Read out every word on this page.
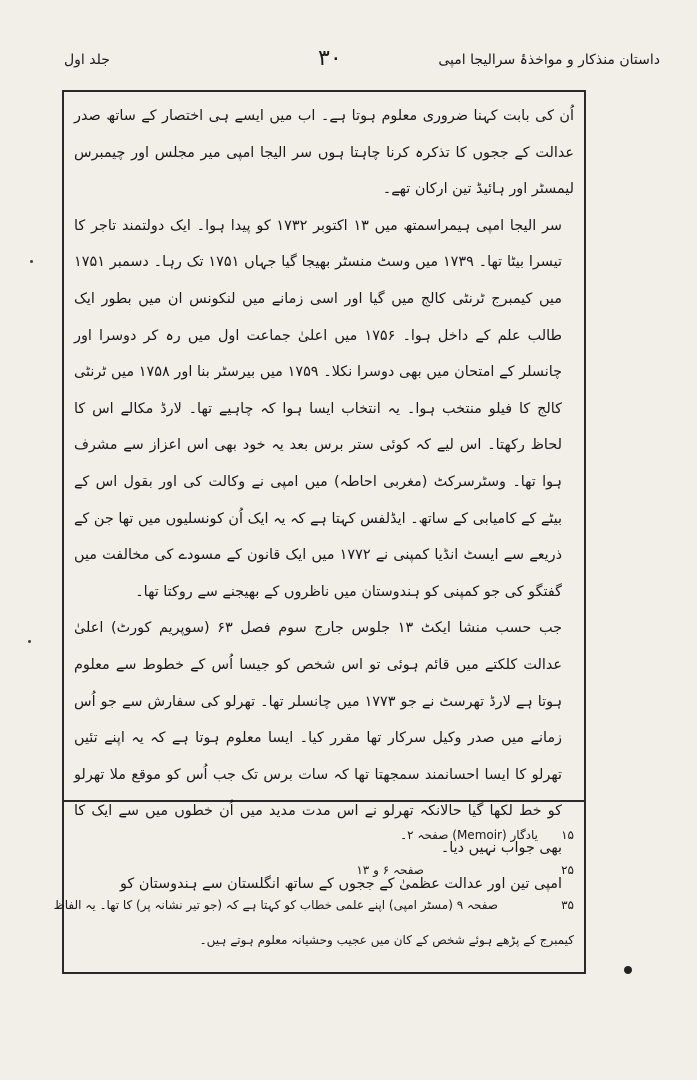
داستان منذکار و مواخذۂ سرالیجا امپی
۳۰
جلد اول

اُن کی بابت کہنا ضروری معلوم ہوتا ہے۔ اب میں ایسے ہی اختصار کے ساتھ صدر عدالت کے ججوں کا تذکرہ کرنا چاہتا ہوں سر الیجا امپی میر مجلس اور چیمبرس لیمسٹر اور ہائیڈ تین ارکان تھے۔

سر الیجا امپی ہیمراسمتھ میں ۱۳ اکتوبر ۱۷۳۲ کو پیدا ہوا۔ ایک دولتمند تاجر کا تیسرا بیٹا تھا۔ ۱۷۳۹ میں وسٹ منسٹر بھیجا گیا جہاں ۱۷۵۱ تک رہا۔ دسمبر ۱۷۵۱ میں کیمبرج ٹرنٹی کالج میں گیا اور اسی زمانے میں لنکونس ان میں بطور ایک طالب علم کے داخل ہوا۔ ۱۷۵۶ میں اعلیٰ جماعت اول میں رہ کر دوسرا اور چانسلر کے امتحان میں بھی دوسرا نکلا۔ ۱۷۵۹ میں بیرسٹر بنا اور ۱۷۵۸ میں ٹرنٹی کالج کا فیلو منتخب ہوا۔ یہ انتخاب ایسا ہوا کہ چاہیے تھا۔ لارڈ مکالے اس کا لحاظ رکھتا۔ اس لیے کہ کوئی ستر برس بعد یہ خود بھی اس اعزاز سے مشرف ہوا تھا۔ وسٹرسرکٹ (مغربی احاطہ) میں امپی نے وکالت کی اور بقول اس کے بیٹے کے کامیابی کے ساتھ۔ ایڈلفس کہتا ہے کہ یہ ایک اُن کونسلیوں میں تھا جن کے ذریعے سے ایسٹ انڈیا کمپنی نے ۱۷۷۲ میں ایک قانون کے مسودے کی مخالفت میں گفتگو کی جو کمپنی کو ہندوستان میں ناظروں کے بھیجنے سے روکتا تھا۔

جب حسب منشا ایکٹ ۱۳ جلوس جارج سوم فصل ۶۳ (سوپریم کورٹ) اعلیٰ عدالت کلکتے میں قائم ہوئی تو اس شخص کو جیسا اُس کے خطوط سے معلوم ہوتا ہے لارڈ تھرسٹ نے جو ۱۷۷۳ میں چانسلر تھا۔ تھرلو کی سفارش سے جو اُس زمانے میں صدر وکیل سرکار تھا مقرر کیا۔ ایسا معلوم ہوتا ہے کہ یہ اپنے تئیں تھرلو کا ایسا احسانمند سمجھتا تھا کہ سات برس تک جب اُس کو موقع ملا تھرلو کو خط لکھا گیا حالانکہ تھرلو نے اس مدت مدید میں اُن خطوں میں سے ایک کا بھی جواب نہیں دیا۔

امپی تین اور عدالت عظمیٰ کے ججوں کے ساتھ انگلستان سے ہندوستان کو

۱۵
یادگار (Memoir) صفحہ ۲۔
۲۵
صفحہ ۶ و ۱۳
۳۵
صفحہ ۹ (مسٹر امپی) اپنے علمی خطاب کو کہتا ہے کہ (جو تیر نشانہ پر) کا تھا۔ یہ الفاظ
کیمبرج کے پڑھے ہوئے شخص کے کان میں عجیب وحشیانہ معلوم ہوتے ہیں۔
